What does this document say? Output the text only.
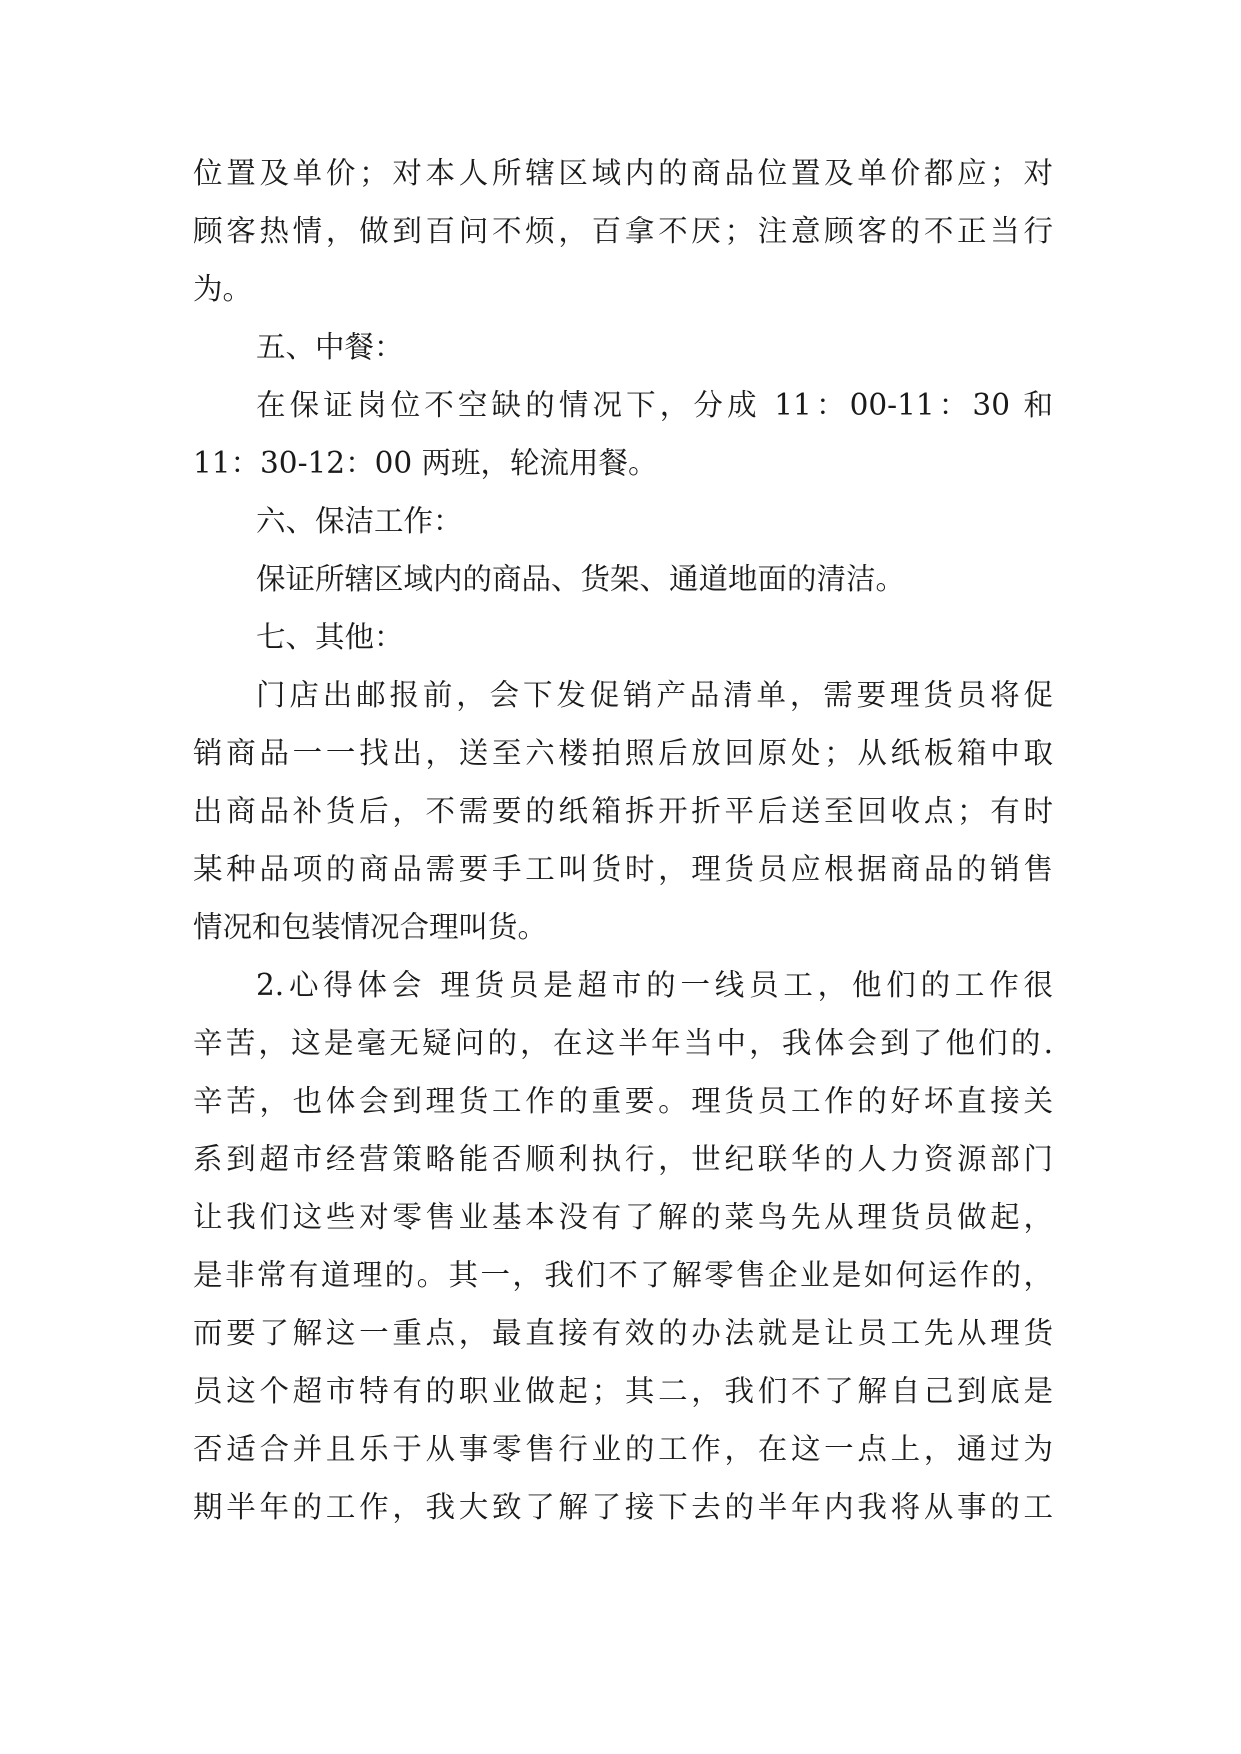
位置及单价；对本人所辖区域内的商品位置及单价都应；对
顾客热情，做到百问不烦，百拿不厌；注意顾客的不正当行
为。
五、中餐：
在保证岗位不空缺的情况下，分成 11：00-11：30 和
11：30-12：00 两班，轮流用餐。
六、保洁工作：
保证所辖区域内的商品、货架、通道地面的清洁。
七、其他：
门店出邮报前，会下发促销产品清单，需要理货员将促
销商品一一找出，送至六楼拍照后放回原处；从纸板箱中取
出商品补货后，不需要的纸箱拆开折平后送至回收点；有时
某种品项的商品需要手工叫货时，理货员应根据商品的销售
情况和包装情况合理叫货。
2.心得体会 理货员是超市的一线员工，他们的工作很
辛苦，这是毫无疑问的，在这半年当中，我体会到了他们的.
辛苦，也体会到理货工作的重要。理货员工作的好坏直接关
系到超市经营策略能否顺利执行，世纪联华的人力资源部门
让我们这些对零售业基本没有了解的菜鸟先从理货员做起，
是非常有道理的。其一，我们不了解零售企业是如何运作的，
而要了解这一重点，最直接有效的办法就是让员工先从理货
员这个超市特有的职业做起；其二，我们不了解自己到底是
否适合并且乐于从事零售行业的工作，在这一点上，通过为
期半年的工作，我大致了解了接下去的半年内我将从事的工
